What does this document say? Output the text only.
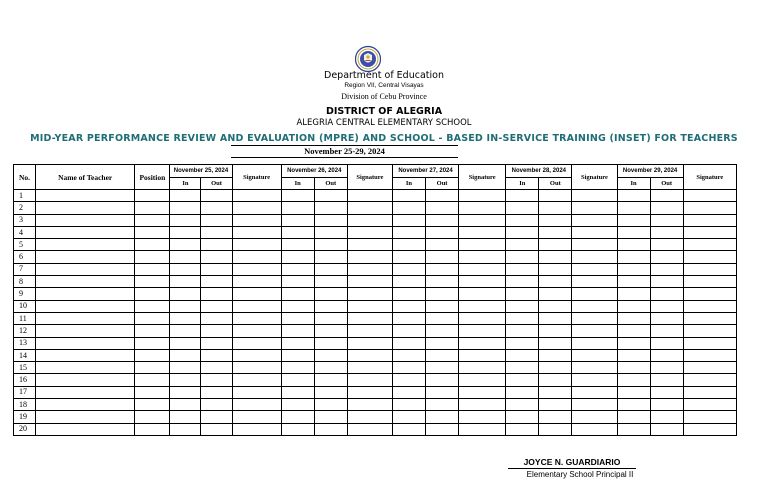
Department of Education
Region VII, Central Visayas
Division of Cebu Province
DISTRICT OF ALEGRIA
ALEGRIA CENTRAL ELEMENTARY SCHOOL
MID-YEAR PERFORMANCE REVIEW AND EVALUATION (MPRE) AND SCHOOL - BASED IN-SERVICE TRAINING (INSET) FOR TEACHERS
November 25-29, 2024
No.	Name of Teacher	Position	November 25, 2024		Signature	November 26, 2024		Signature	November 27, 2024		Signature	November 28, 2024		Signature	November 29, 2024		Signature
			In	Out		In	Out		In	Out		In	Out		In	Out	
1																	
2																	
3																	
4																	
5																	
6																	
7																	
8																	
9																	
10																	
11																	
12																	
13																	
14																	
15																	
16																	
17																	
18																	
19																	
20																	
JOYCE N. GUARDIARIO
Elementary School Principal II
